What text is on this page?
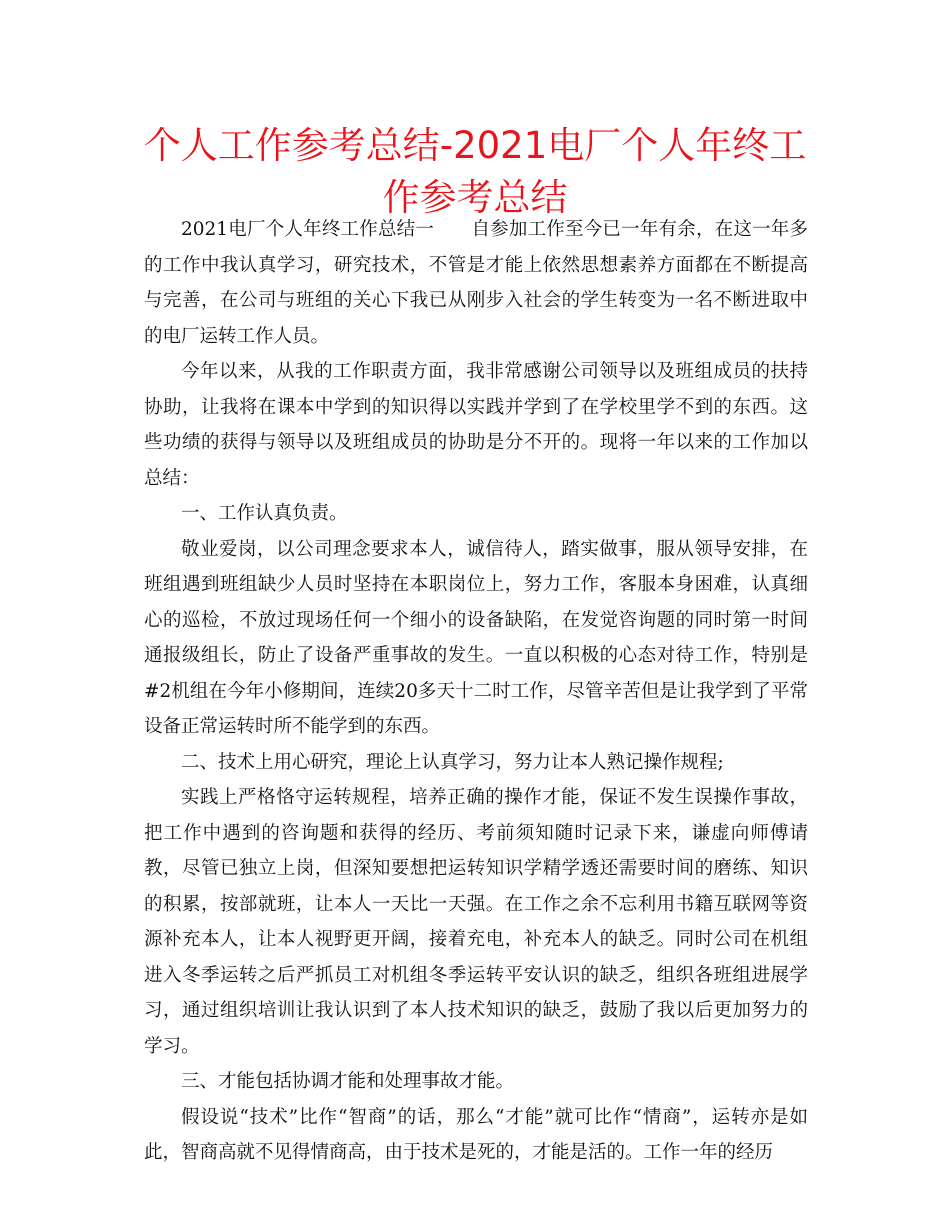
个人工作参考总结-2021电厂个人年终工作参考总结

2021电厂个人年终工作总结一　　自参加工作至今已一年有余，在这一年多的工作中我认真学习，研究技术，不管是才能上依然思想素养方面都在不断提高与完善，在公司与班组的关心下我已从刚步入社会的学生转变为一名不断进取中的电厂运转工作人员。

今年以来，从我的工作职责方面，我非常感谢公司领导以及班组成员的扶持协助，让我将在课本中学到的知识得以实践并学到了在学校里学不到的东西。这些功绩的获得与领导以及班组成员的协助是分不开的。现将一年以来的工作加以总结：

一、工作认真负责。

敬业爱岗，以公司理念要求本人，诚信待人，踏实做事，服从领导安排，在班组遇到班组缺少人员时坚持在本职岗位上，努力工作，客服本身困难，认真细心的巡检，不放过现场任何一个细小的设备缺陷，在发觉咨询题的同时第一时间通报级组长，防止了设备严重事故的发生。一直以积极的心态对待工作，特别是#2机组在今年小修期间，连续20多天十二时工作，尽管辛苦但是让我学到了平常设备正常运转时所不能学到的东西。

二、技术上用心研究，理论上认真学习，努力让本人熟记操作规程;

实践上严格恪守运转规程，培养正确的操作才能，保证不发生误操作事故，把工作中遇到的咨询题和获得的经历、考前须知随时记录下来，谦虚向师傅请教，尽管已独立上岗，但深知要想把运转知识学精学透还需要时间的磨练、知识的积累，按部就班，让本人一天比一天强。在工作之余不忘利用书籍互联网等资源补充本人，让本人视野更开阔，接着充电，补充本人的缺乏。同时公司在机组进入冬季运转之后严抓员工对机组冬季运转平安认识的缺乏，组织各班组进展学习，通过组织培训让我认识到了本人技术知识的缺乏，鼓励了我以后更加努力的学习。

三、才能包括协调才能和处理事故才能。

假设说“技术”比作“智商”的话，那么“才能”就可比作“情商”，运转亦是如此，智商高就不见得情商高，由于技术是死的，才能是活的。工作一年的经历
